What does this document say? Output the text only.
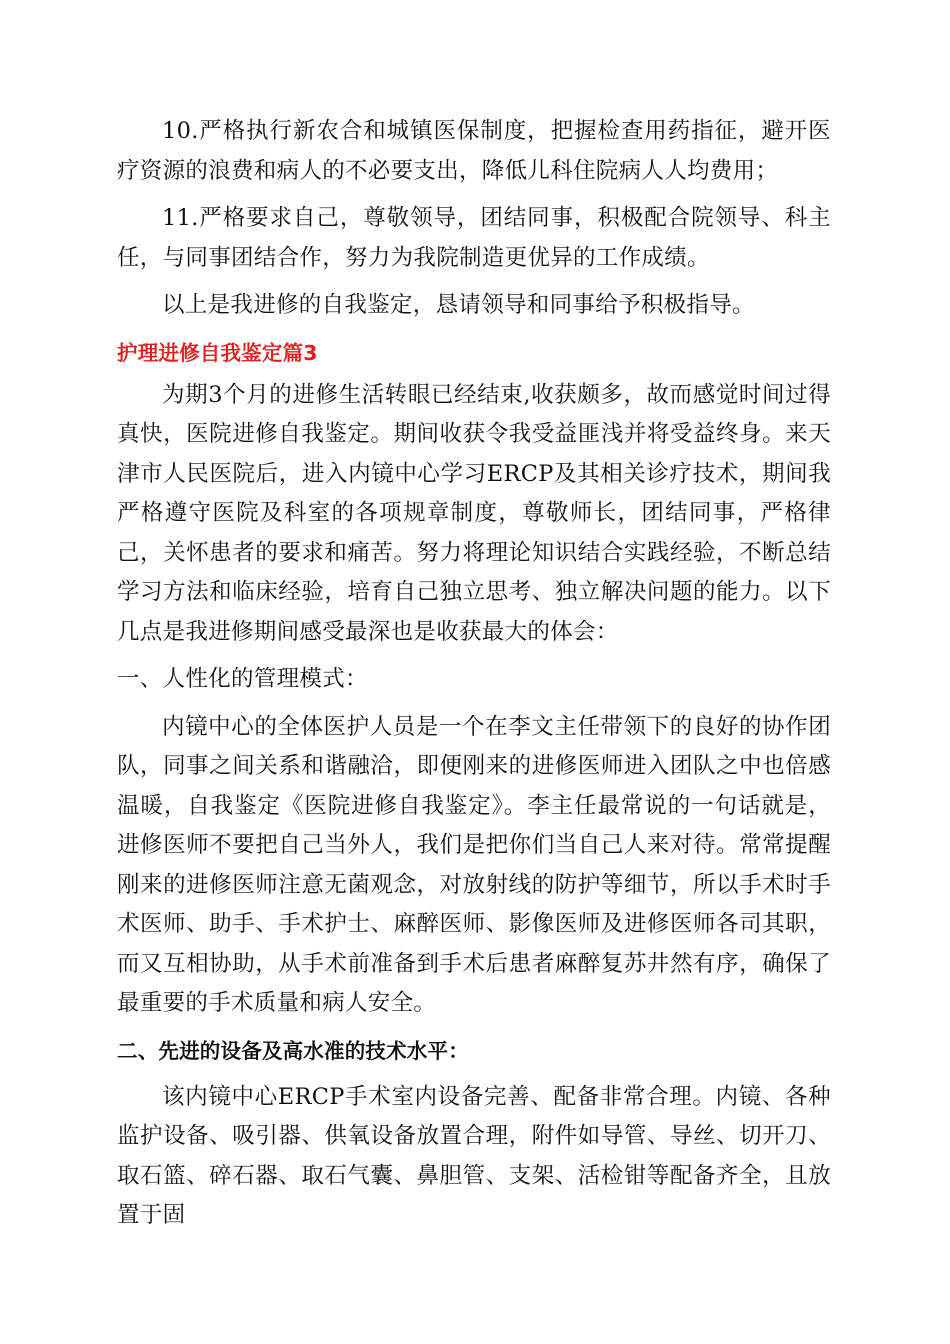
10.严格执行新农合和城镇医保制度，把握检查用药指征，避开医疗资源的浪费和病人的不必要支出，降低儿科住院病人人均费用；

11.严格要求自己，尊敬领导，团结同事，积极配合院领导、科主任，与同事团结合作，努力为我院制造更优异的工作成绩。

以上是我进修的自我鉴定，恳请领导和同事给予积极指导。

护理进修自我鉴定篇3

为期3个月的进修生活转眼已经结束,收获颇多，故而感觉时间过得真快，医院进修自我鉴定。期间收获令我受益匪浅并将受益终身。来天津市人民医院后，进入内镜中心学习ERCP及其相关诊疗技术，期间我严格遵守医院及科室的各项规章制度，尊敬师长，团结同事，严格律己，关怀患者的要求和痛苦。努力将理论知识结合实践经验，不断总结学习方法和临床经验，培育自己独立思考、独立解决问题的能力。以下几点是我进修期间感受最深也是收获最大的体会：

一、人性化的管理模式：

内镜中心的全体医护人员是一个在李文主任带领下的良好的协作团队，同事之间关系和谐融洽，即便刚来的进修医师进入团队之中也倍感温暖，自我鉴定《医院进修自我鉴定》。李主任最常说的一句话就是，进修医师不要把自己当外人，我们是把你们当自己人来对待。常常提醒刚来的进修医师注意无菌观念，对放射线的防护等细节，所以手术时手术医师、助手、手术护士、麻醉医师、影像医师及进修医师各司其职，而又互相协助，从手术前准备到手术后患者麻醉复苏井然有序，确保了最重要的手术质量和病人安全。

二、先进的设备及高水准的技术水平：

该内镜中心ERCP手术室内设备完善、配备非常合理。内镜、各种监护设备、吸引器、供氧设备放置合理，附件如导管、导丝、切开刀、取石篮、碎石器、取石气囊、鼻胆管、支架、活检钳等配备齐全，且放置于固
